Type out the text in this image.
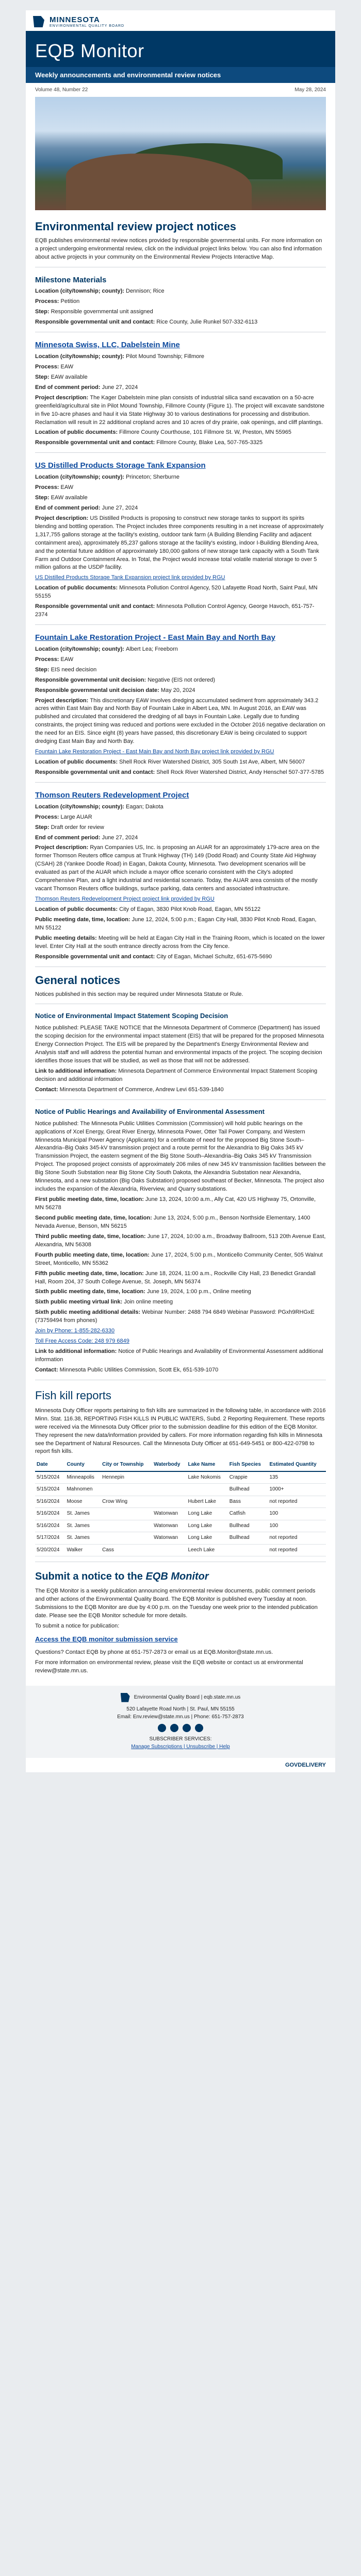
MINNESOTA
ENVIRONMENTAL QUALITY BOARD
EQB Monitor
Weekly announcements and environmental review notices
Volume 48, Number 22	May 28, 2024
Environmental review project notices

EQB publishes environmental review notices provided by responsible governmental units. For more information on a project undergoing environmental review, click on the individual project links below. You can also find information about active projects in your community on the Environmental Review Projects Interactive Map.

Milestone Materials

Location (city/township; county): Dennison; Rice

Process: Petition

Step: Responsible governmental unit assigned

Responsible governmental unit and contact: Rice County, Julie Runkel 507-332-6113

Minnesota Swiss, LLC, Dabelstein Mine

Location (city/township; county): Pilot Mound Township; Fillmore

Process: EAW

Step: EAW available

End of comment period: June 27, 2024

Project description: The Kager Dabelstein mine plan consists of industrial silica sand excavation on a 50-acre greenfield/agricultural site in Pilot Mound Township, Fillmore County (Figure 1). The project will excavate sandstone in five 10-acre phases and haul it via State Highway 30 to various destinations for processing and distribution. Reclamation will result in 22 additional cropland acres and 10 acres of dry prairie, oak openings, and cliff plantings.

Location of public documents: Fillmore County Courthouse, 101 Fillmore St. W, Preston, MN 55965

Responsible governmental unit and contact: Fillmore County, Blake Lea, 507-765-3325

US Distilled Products Storage Tank Expansion

Location (city/township; county): Princeton; Sherburne

Process: EAW

Step: EAW available

End of comment period: June 27, 2024

Project description: US Distilled Products is proposing to construct new storage tanks to support its spirits blending and bottling operation. The Project includes three components resulting in a net increase of approximately 1,317,755 gallons storage at the facility's existing, outdoor tank farm (A Building Blending Facility and adjacent containment area), approximately 85,237 gallons storage at the facility's existing, indoor I-Building Blending Area, and the potential future addition of approximately 180,000 gallons of new storage tank capacity with a South Tank Farm and Outdoor Containment Area. In Total, the Project would increase total volatile material storage to over 5 million gallons at the USDP facility.

US Distilled Products Storage Tank Expansion project link provided by RGU

Location of public documents: Minnesota Pollution Control Agency, 520 Lafayette Road North, Saint Paul, MN 55155

Responsible governmental unit and contact: Minnesota Pollution Control Agency, George Havoch, 651-757-2374

Fountain Lake Restoration Project - East Main Bay and North Bay

Location (city/township; county): Albert Lea; Freeborn

Process: EAW

Step: EIS need decision

Responsible governmental unit decision: Negative (EIS not ordered)

Responsible governmental unit decision date: May 20, 2024

Project description: This discretionary EAW involves dredging accumulated sediment from approximately 343.2 acres within East Main Bay and North Bay of Fountain Lake in Albert Lea, MN. In August 2016, an EAW was published and circulated that considered the dredging of all bays in Fountain Lake. Legally due to funding constraints, the project timing was reduced and portions were excluded in the October 2016 negative declaration on the need for an EIS. Since eight (8) years have passed, this discretionary EAW is being circulated to support dredging East Main Bay and North Bay.

Fountain Lake Restoration Project - East Main Bay and North Bay project link provided by RGU

Location of public documents: Shell Rock River Watershed District, 305 South 1st Ave, Albert, MN 56007

Responsible governmental unit and contact: Shell Rock River Watershed District, Andy Henschel 507-377-5785

Thomson Reuters Redevelopment Project

Location (city/township; county): Eagan; Dakota

Process: Large AUAR

Step: Draft order for review

End of comment period: June 27, 2024

Project description: Ryan Companies US, Inc. is proposing an AUAR for an approximately 179-acre area on the former Thomson Reuters office campus at Trunk Highway (TH) 149 (Dodd Road) and County State Aid Highway (CSAH) 28 (Yankee Doodle Road) in Eagan, Dakota County, Minnesota. Two development scenarios will be evaluated as part of the AUAR which include a mayor office scenario consistent with the City's adopted Comprehensive Plan, and a light industrial and residential scenario. Today, the AUAR area consists of the mostly vacant Thomson Reuters office buildings, surface parking, data centers and associated infrastructure.

Thomson Reuters Redevelopment Project project link provided by RGU

Location of public documents: City of Eagan, 3830 Pilot Knob Road, Eagan, MN 55122

Public meeting date, time, location: June 12, 2024, 5:00 p.m.; Eagan City Hall, 3830 Pilot Knob Road, Eagan, MN 55122

Public meeting details: Meeting will be held at Eagan City Hall in the Training Room, which is located on the lower level. Enter City Hall at the south entrance directly across from the City fence.

Responsible governmental unit and contact: City of Eagan, Michael Schultz, 651-675-5690

General notices

Notices published in this section may be required under Minnesota Statute or Rule.

Notice of Environmental Impact Statement Scoping Decision

Notice published: PLEASE TAKE NOTICE that the Minnesota Department of Commerce (Department) has issued the scoping decision for the environmental impact statement (EIS) that will be prepared for the proposed Minnesota Energy Connection Project. The EIS will be prepared by the Department's Energy Environmental Review and Analysis staff and will address the potential human and environmental impacts of the project. The scoping decision identifies those issues that will be studied, as well as those that will not be addressed.

Link to additional information: Minnesota Department of Commerce Environmental Impact Statement Scoping decision and additional information

Contact: Minnesota Department of Commerce, Andrew Levi 651-539-1840

Notice of Public Hearings and Availability of Environmental Assessment

Notice published: The Minnesota Public Utilities Commission (Commission) will hold public hearings on the applications of Xcel Energy, Great River Energy, Minnesota Power, Otter Tail Power Company, and Western Minnesota Municipal Power Agency (Applicants) for a certificate of need for the proposed Big Stone South–Alexandria–Big Oaks 345-kV transmission project and a route permit for the Alexandria to Big Oaks 345 kV Transmission Project, the eastern segment of the Big Stone South–Alexandria–Big Oaks 345 kV Transmission Project. The proposed project consists of approximately 206 miles of new 345 kV transmission facilities between the Big Stone South Substation near Big Stone City South Dakota, the Alexandria Substation near Alexandria, Minnesota, and a new substation (Big Oaks Substation) proposed southeast of Becker, Minnesota. The project also includes the expansion of the Alexandria, Riverview, and Quarry substations.

First public meeting date, time, location: June 13, 2024, 10:00 a.m., Ally Cat, 420 US Highway 75, Ortonville, MN 56278

Second public meeting date, time, location: June 13, 2024, 5:00 p.m., Benson Northside Elementary, 1400 Nevada Avenue, Benson, MN 56215

Third public meeting date, time, location: June 17, 2024, 10:00 a.m., Broadway Ballroom, 513 20th Avenue East, Alexandria, MN 56308

Fourth public meeting date, time, location: June 17, 2024, 5:00 p.m., Monticello Community Center, 505 Walnut Street, Monticello, MN 55362

Fifth public meeting date, time, location: June 18, 2024, 11:00 a.m., Rockville City Hall, 23 Benedict Grandall Hall, Room 204, 37 South College Avenue, St. Joseph, MN 56374

Sixth public meeting date, time, location: June 19, 2024, 1:00 p.m., Online meeting

Sixth public meeting virtual link: Join online meeting

Sixth public meeting additional details: Webinar Number: 2488 794 6849 Webinar Password: PGxh9RHGxE (73759494 from phones)

Join by Phone: 1-855-282-6330

Toll Free Access Code: 248 979 6849

Link to additional information: Notice of Public Hearings and Availability of Environmental Assessment additional information

Contact: Minnesota Public Utilities Commission, Scott Ek, 651-539-1070

Fish kill reports

Minnesota Duty Officer reports pertaining to fish kills are summarized in the following table, in accordance with 2016 Minn. Stat. 116.38, REPORTING FISH KILLS IN PUBLIC WATERS, Subd. 2 Reporting Requirement. These reports were received via the Minnesota Duty Officer prior to the submission deadline for this edition of the EQB Monitor. They represent the new data/information provided by callers. For more information regarding fish kills in Minnesota see the Department of Natural Resources. Call the Minnesota Duty Officer at 651-649-5451 or 800-422-0798 to report fish kills.

Date	County	City or Township	Waterbody	Lake Name	Fish Species	Estimated Quantity
5/15/2024	Minneapolis	Hennepin		Lake Nokomis	Crappie	135
5/15/2024	Mahnomen				Bullhead	1000+
5/16/2024	Moose	Crow Wing		Hubert Lake	Bass	not reported
5/16/2024	St. James		Watonwan	Long Lake	Catfish	100
5/16/2024	St. James		Watonwan	Long Lake	Bullhead	100
5/17/2024	St. James		Watonwan	Long Lake	Bullhead	not reported
5/20/2024	Walker	Cass		Leech Lake		not reported
Submit a notice to the EQB Monitor

The EQB Monitor is a weekly publication announcing environmental review documents, public comment periods and other actions of the Environmental Quality Board. The EQB Monitor is published every Tuesday at noon. Submissions to the EQB Monitor are due by 4:00 p.m. on the Tuesday one week prior to the intended publication date. Please see the EQB Monitor schedule for more details.

To submit a notice for publication:

Access the EQB monitor submission service

Questions? Contact EQB by phone at 651-757-2873 or email us at EQB.Monitor@state.mn.us.

For more information on environmental review, please visit the EQB website or contact us at environmental review@state.mn.us.

Environmental Quality Board | eqb.state.mn.us
520 Lafayette Road North | St. Paul, MN 55155
Email: Env.review@state.mn.us | Phone: 651-757-2873
SUBSCRIBER SERVICES:
Manage Subscriptions | Unsubscribe | Help
GOVDELIVERY
